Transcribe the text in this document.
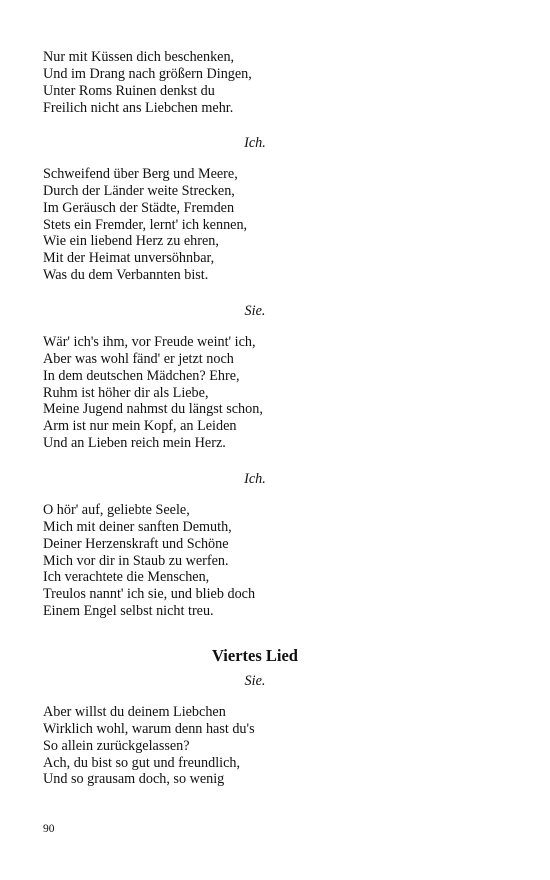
Nur mit Küssen dich beschenken,
Und im Drang nach größern Dingen,
Unter Roms Ruinen denkst du
Freilich nicht ans Liebchen mehr.

Ich.

Schweifend über Berg und Meere,
Durch der Länder weite Strecken,
Im Geräusch der Städte, Fremden
Stets ein Fremder, lernt' ich kennen,
Wie ein liebend Herz zu ehren,
Mit der Heimat unversöhnbar,
Was du dem Verbannten bist.

Sie.

Wär' ich's ihm, vor Freude weint' ich,
Aber was wohl fänd' er jetzt noch
In dem deutschen Mädchen? Ehre,
Ruhm ist höher dir als Liebe,
Meine Jugend nahmst du längst schon,
Arm ist nur mein Kopf, an Leiden
Und an Lieben reich mein Herz.

Ich.

O hör' auf, geliebte Seele,
Mich mit deiner sanften Demuth,
Deiner Herzenskraft und Schöne
Mich vor dir in Staub zu werfen.
Ich verachtete die Menschen,
Treulos nannt' ich sie, und blieb doch
Einem Engel selbst nicht treu.

Viertes Lied

Sie.

Aber willst du deinem Liebchen
Wirklich wohl, warum denn hast du's
So allein zurückgelassen?
Ach, du bist so gut und freundlich,
Und so grausam doch, so wenig

90
